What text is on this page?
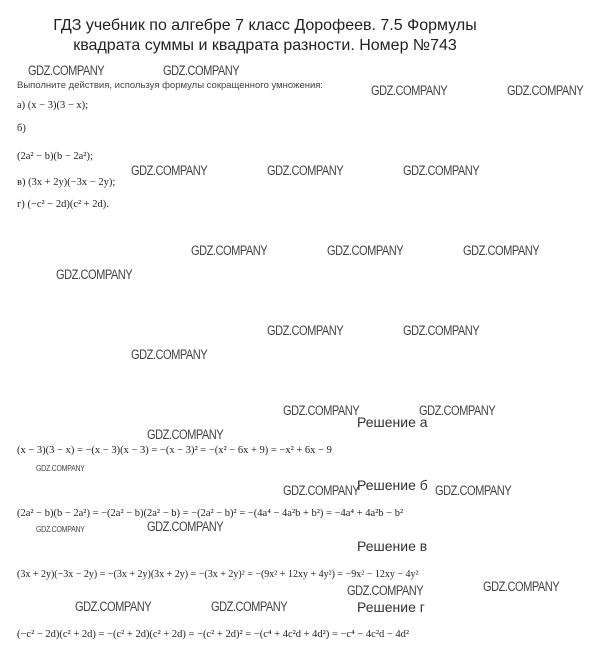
ГДЗ учебник по алгебре 7 класс Дорофеев. 7.5 Формулы
квадрата суммы и квадрата разности. Номер №743
Выполните действия, используя формулы сокращенного умножения:
а) (x − 3)(3 − x);
б)
(2a² − b)(b − 2a²);
в) (3x + 2y)(−3x − 2y);
г) (−c² − 2d)(c² + 2d).
Решение а
(x − 3)(3 − x) = −(x − 3)(x − 3) = −(x − 3)² = −(x² − 6x + 9) = −x² + 6x − 9
Решение б
(2a² − b)(b − 2a²) = −(2a² − b)(2a² − b) = −(2a² − b)² = −(4a⁴ − 4a²b + b²) = −4a⁴ + 4a²b − b²
Решение в
(3x + 2y)(−3x − 2y) = −(3x + 2y)(3x + 2y) = −(3x + 2y)² = −(9x² + 12xy + 4y²) = −9x² − 12xy − 4y²
Решение г
(−c² − 2d)(c² + 2d) = −(c² + 2d)(c² + 2d) = −(c² + 2d)² = −(c⁴ + 4c²d + 4d²) = −c⁴ − 4c²d − 4d²
GDZ.COMPANY	GDZ.COMPANY
GDZ.COMPANY	GDZ.COMPANY
GDZ.COMPANY	GDZ.COMPANY	GDZ.COMPANY
GDZ.COMPANY	GDZ.COMPANY	GDZ.COMPANY
GDZ.COMPANY
GDZ.COMPANY	GDZ.COMPANY
GDZ.COMPANY
GDZ.COMPANY	GDZ.COMPANY
GDZ.COMPANY
GDZ.COMPANY
GDZ.COMPANY	GDZ.COMPANY
GDZ.COMPANY
GDZ.COMPANY
GDZ.COMPANY	GDZ.COMPANY
GDZ.COMPANY	GDZ.COMPANY
